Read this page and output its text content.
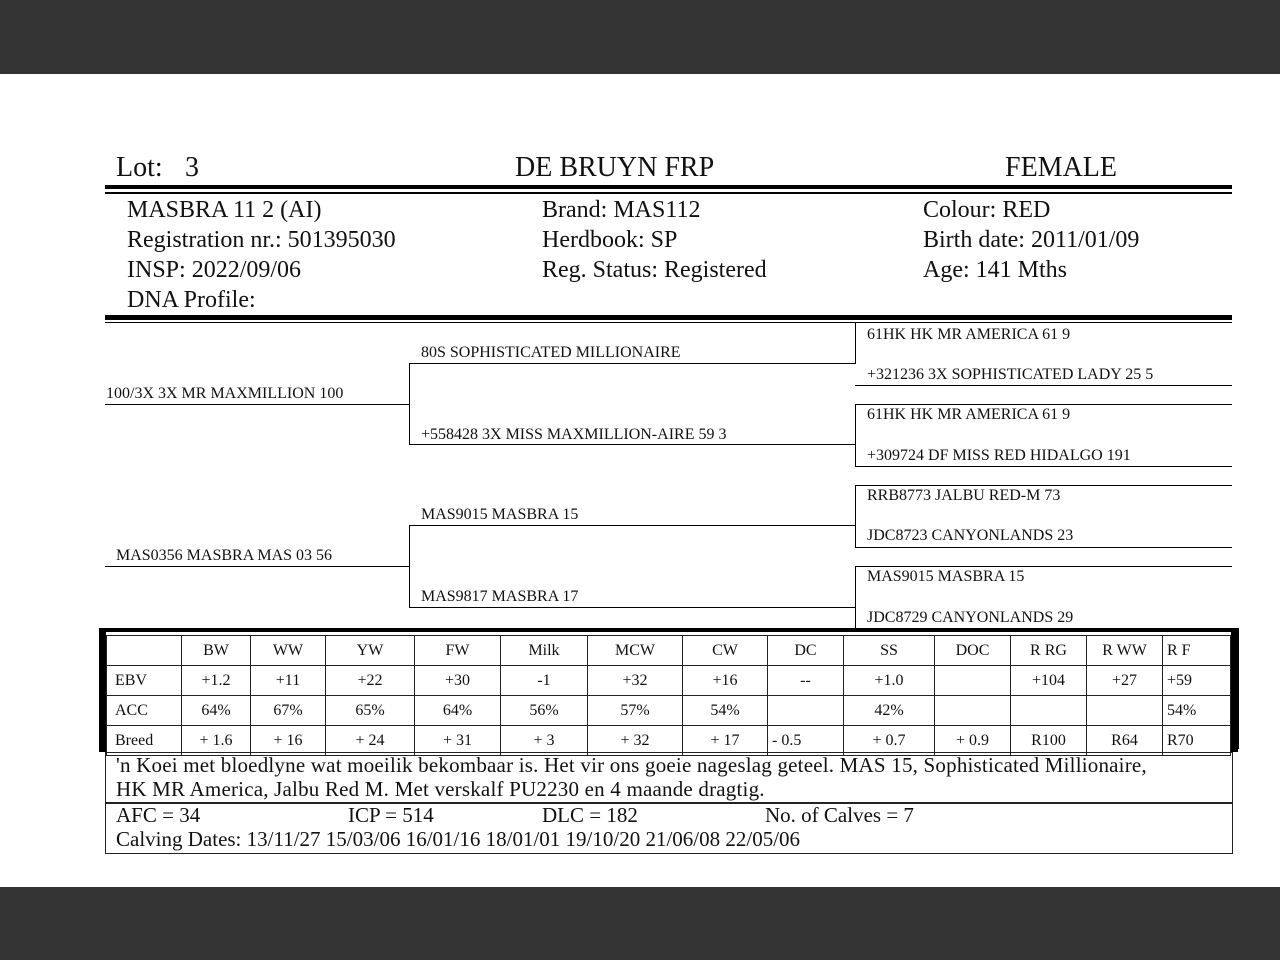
Lot: 3	DE BRUYN FRP	FEMALE
MASBRA 11 2 (AI)
Registration nr.: 501395030
INSP: 2022/09/06
DNA Profile:
Brand: MAS112
Herdbook: SP
Reg. Status: Registered
Colour: RED
Birth date: 2011/01/09
Age: 141 Mths
100/3X 3X MR MAXMILLION 100
MAS0356 MASBRA MAS 03 56
80S SOPHISTICATED MILLIONAIRE
+558428 3X MISS MAXMILLION-AIRE 59 3
MAS9015 MASBRA 15
MAS9817 MASBRA 17
61HK HK MR AMERICA 61 9
+321236 3X SOPHISTICATED LADY 25 5
61HK HK MR AMERICA 61 9
+309724 DF MISS RED HIDALGO 191
RRB8773 JALBU RED-M 73
JDC8723 CANYONLANDS 23
MAS9015 MASBRA 15
JDC8729 CANYONLANDS 29
	BW	WW	YW	FW	Milk	MCW	CW	DC	SS	DOC	R RG	R WW	R F
EBV	+1.2	+11	+22	+30	-1	+32	+16	--	+1.0		+104	+27	+59
ACC	64%	67%	65%	64%	56%	57%	54%		42%				54%
Breed	+ 1.6	+ 16	+ 24	+ 31	+ 3	+ 32	+ 17	- 0.5	+ 0.7	+ 0.9	R100	R64	R70
'n Koei met bloedlyne wat moeilik bekombaar is. Het vir ons goeie nageslag geteel. MAS 15, Sophisticated Millionaire,
HK MR America, Jalbu Red M. Met verskalf PU2230 en 4 maande dragtig.
AFC = 34	ICP = 514	DLC = 182	No. of Calves = 7
Calving Dates: 13/11/27 15/03/06 16/01/16 18/01/01 19/10/20 21/06/08 22/05/06
